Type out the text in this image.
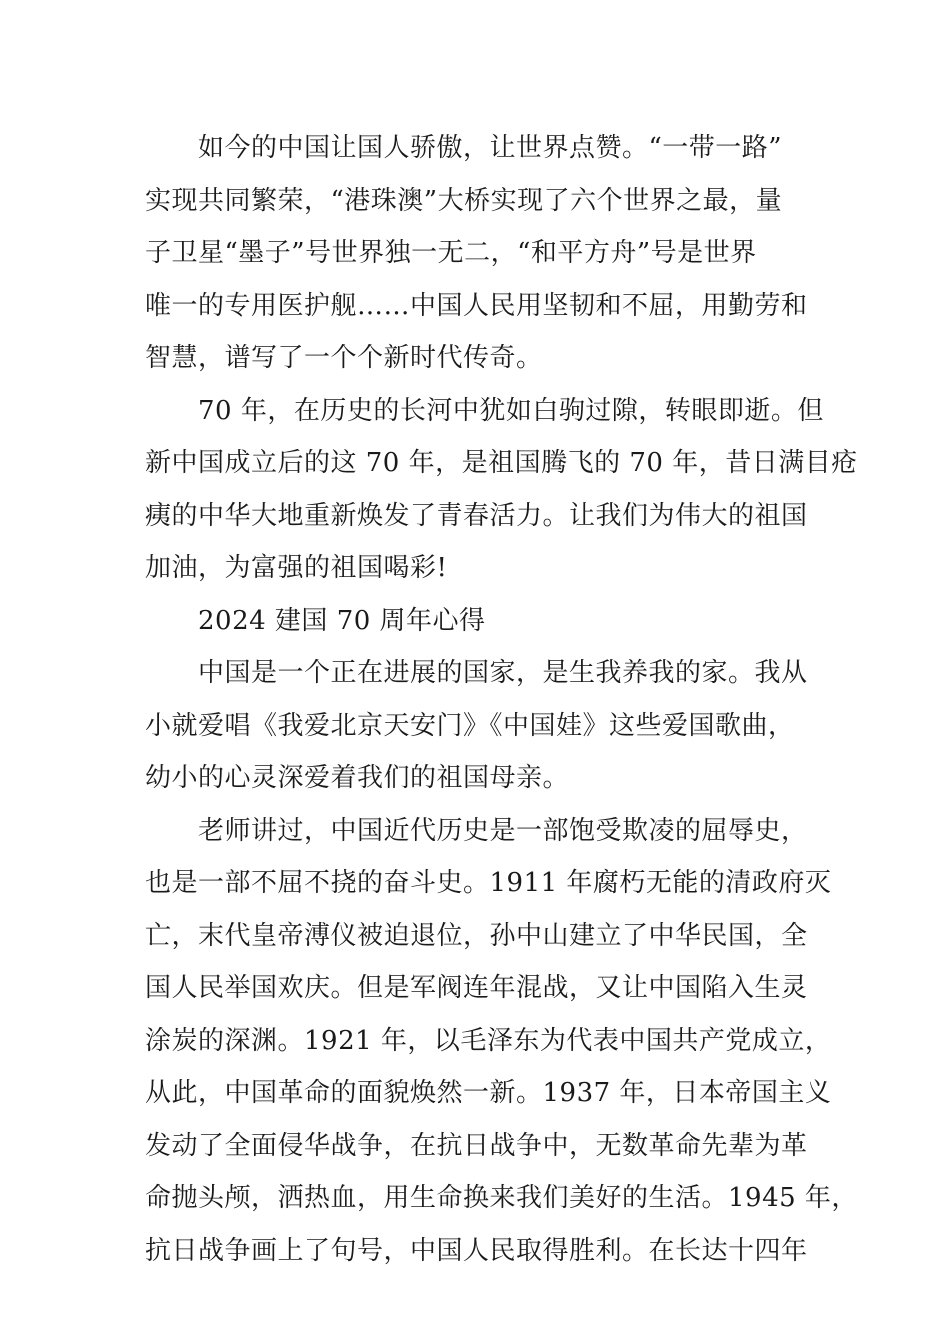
如今的中国让国人骄傲，让世界点赞。“一带一路”
实现共同繁荣，“港珠澳”大桥实现了六个世界之最，量
子卫星“墨子”号世界独一无二，“和平方舟”号是世界
唯一的专用医护舰……中国人民用坚韧和不屈，用勤劳和
智慧，谱写了一个个新时代传奇。
70 年，在历史的长河中犹如白驹过隙，转眼即逝。但
新中国成立后的这 70 年，是祖国腾飞的 70 年，昔日满目疮
痍的中华大地重新焕发了青春活力。让我们为伟大的祖国
加油，为富强的祖国喝彩!
2024 建国 70 周年心得
中国是一个正在进展的国家，是生我养我的家。我从
小就爱唱《我爱北京天安门》《中国娃》这些爱国歌曲，
幼小的心灵深爱着我们的祖国母亲。
老师讲过，中国近代历史是一部饱受欺凌的屈辱史，
也是一部不屈不挠的奋斗史。1911 年腐朽无能的清政府灭
亡，末代皇帝溥仪被迫退位，孙中山建立了中华民国，全
国人民举国欢庆。但是军阀连年混战，又让中国陷入生灵
涂炭的深渊。1921 年，以毛泽东为代表中国共产党成立，
从此，中国革命的面貌焕然一新。1937 年，日本帝国主义
发动了全面侵华战争，在抗日战争中，无数革命先辈为革
命抛头颅，洒热血，用生命换来我们美好的生活。1945 年，
抗日战争画上了句号，中国人民取得胜利。在长达十四年
